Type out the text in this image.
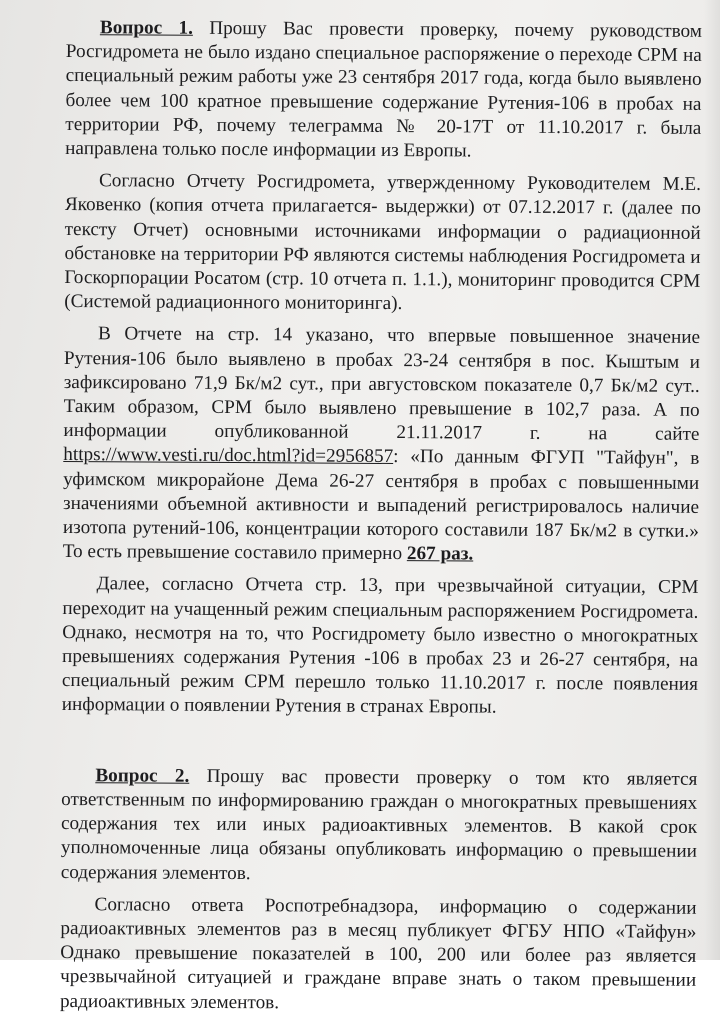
Вопрос 1. Прошу Вас провести проверку, почему руководством Росгидромета не было издано специальное распоряжение о переходе СРМ на специальный режим работы уже 23 сентября 2017 года, когда было выявлено более чем 100 кратное превышение содержание Рутения-106 в пробах на территории РФ, почему телеграмма № 20-17Т от 11.10.2017 г. была направлена только после информации из Европы.

Согласно Отчету Росгидромета, утвержденному Руководителем М.Е. Яковенко (копия отчета прилагается- выдержки) от 07.12.2017 г. (далее по тексту Отчет) основными источниками информации о радиационной обстановке на территории РФ являются системы наблюдения Росгидромета и Госкорпорации Росатом (стр. 10 отчета п. 1.1.), мониторинг проводится СРМ (Системой радиационного мониторинга).

В Отчете на стр. 14 указано, что впервые повышенное значение Рутения-106 было выявлено в пробах 23-24 сентября в пос. Кыштым и зафиксировано 71,9 Бк/м2 сут., при августовском показателе 0,7 Бк/м2 сут.. Таким образом, СРМ было выявлено превышение в 102,7 раза. А по информации опубликованной 21.11.2017 г. на сайте https://www.vesti.ru/doc.html?id=2956857: «По данным ФГУП "Тайфун", в уфимском микрорайоне Дема 26-27 сентября в пробах с повышенными значениями объемной активности и выпадений регистрировалось наличие изотопа рутений-106, концентрации которого составили 187 Бк/м2 в сутки.» То есть превышение составило примерно 267 раз.

Далее, согласно Отчета стр. 13, при чрезвычайной ситуации, СРМ переходит на учащенный режим специальным распоряжением Росгидромета. Однако, несмотря на то, что Росгидромету было известно о многократных превышениях содержания Рутения -106 в пробах 23 и 26-27 сентября, на специальный режим СРМ перешло только 11.10.2017 г. после появления информации о появлении Рутения в странах Европы.

Вопрос 2. Прошу вас провести проверку о том кто является ответственным по информированию граждан о многократных превышениях содержания тех или иных радиоактивных элементов. В какой срок уполномоченные лица обязаны опубликовать информацию о превышении содержания элементов.

Согласно ответа Роспотребнадзора, информацию о содержании радиоактивных элементов раз в месяц публикует ФГБУ НПО «Тайфун» Однако превышение показателей в 100, 200 или более раз является чрезвычайной ситуацией и граждане вправе знать о таком превышении радиоактивных элементов.
